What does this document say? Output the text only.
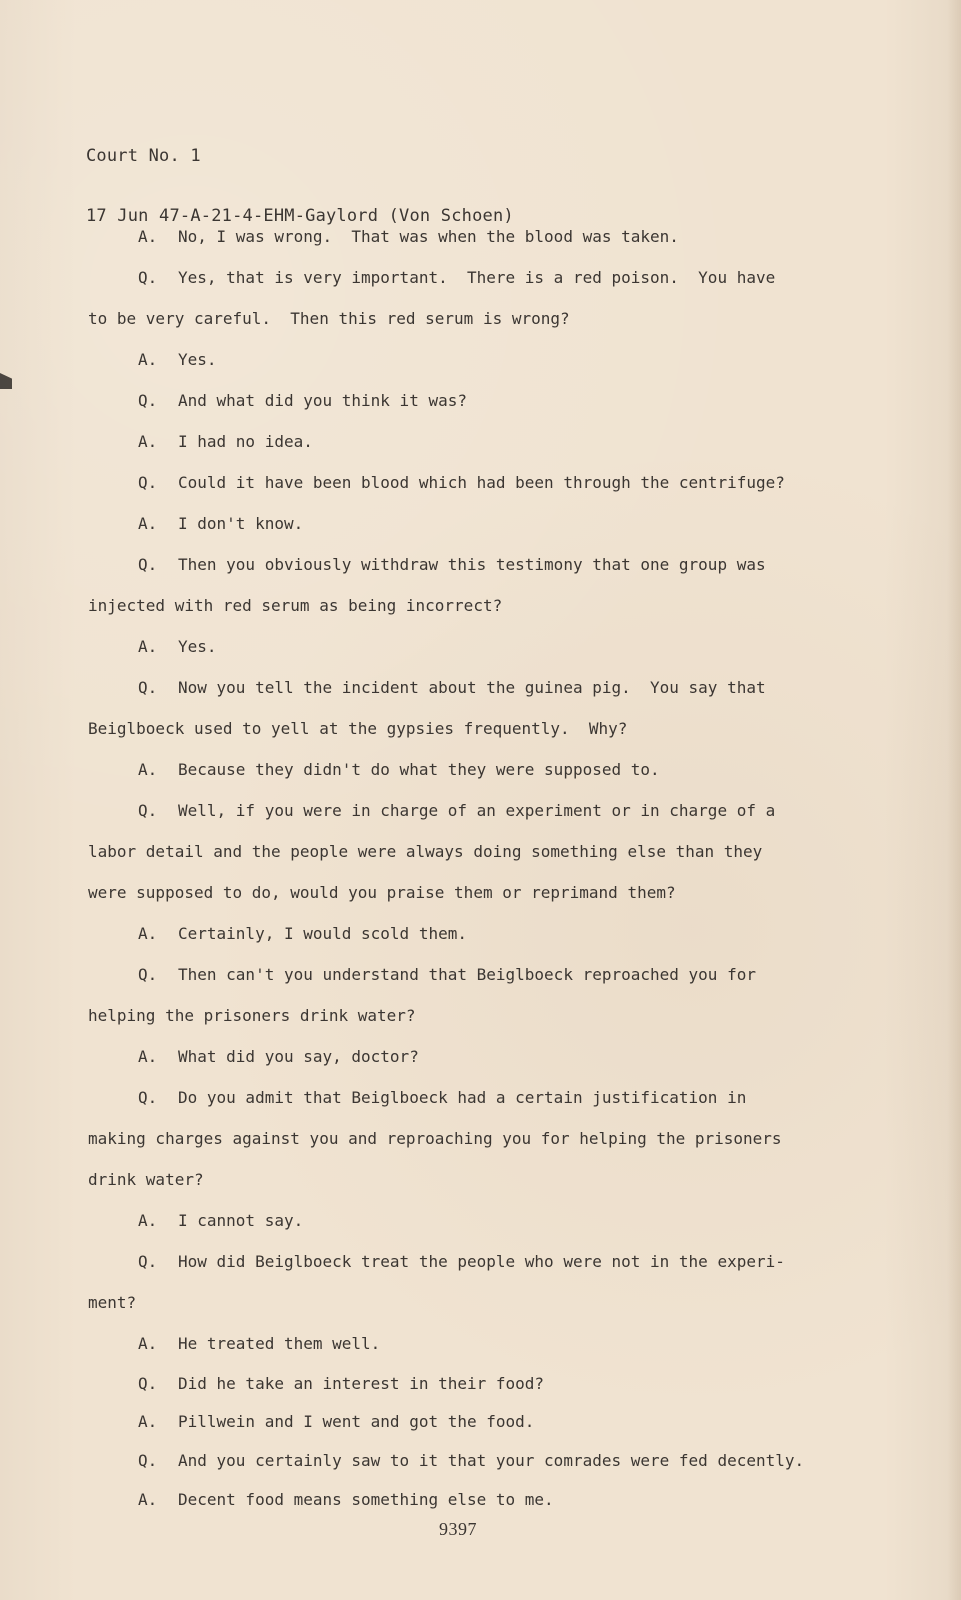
Court No. 1

17 Jun 47-A-21-4-EHM-Gaylord (Von Schoen)

A. No, I was wrong.  That was when the blood was taken.
Q. Yes, that is very important.  There is a red poison.  You have
to be very careful.  Then this red serum is wrong?
A. Yes.
Q. And what did you think it was?
A. I had no idea.
Q. Could it have been blood which had been through the centrifuge?
A. I don't know.
Q. Then you obviously withdraw this testimony that one group was
injected with red serum as being incorrect?
A. Yes.
Q. Now you tell the incident about the guinea pig.  You say that
Beiglboeck used to yell at the gypsies frequently.  Why?
A. Because they didn't do what they were supposed to.
Q. Well, if you were in charge of an experiment or in charge of a
labor detail and the people were always doing something else than they
were supposed to do, would you praise them or reprimand them?
A. Certainly, I would scold them.
Q. Then can't you understand that Beiglboeck reproached you for
helping the prisoners drink water?
A. What did you say, doctor?
Q. Do you admit that Beiglboeck had a certain justification in
making charges against you and reproaching you for helping the prisoners
drink water?
A. I cannot say.
Q. How did Beiglboeck treat the people who were not in the experi-
ment?
A. He treated them well.
Q. Did he take an interest in their food?
A. Pillwein and I went and got the food.
Q. And you certainly saw to it that your comrades were fed decently.
A. Decent food means something else to me.
9397
